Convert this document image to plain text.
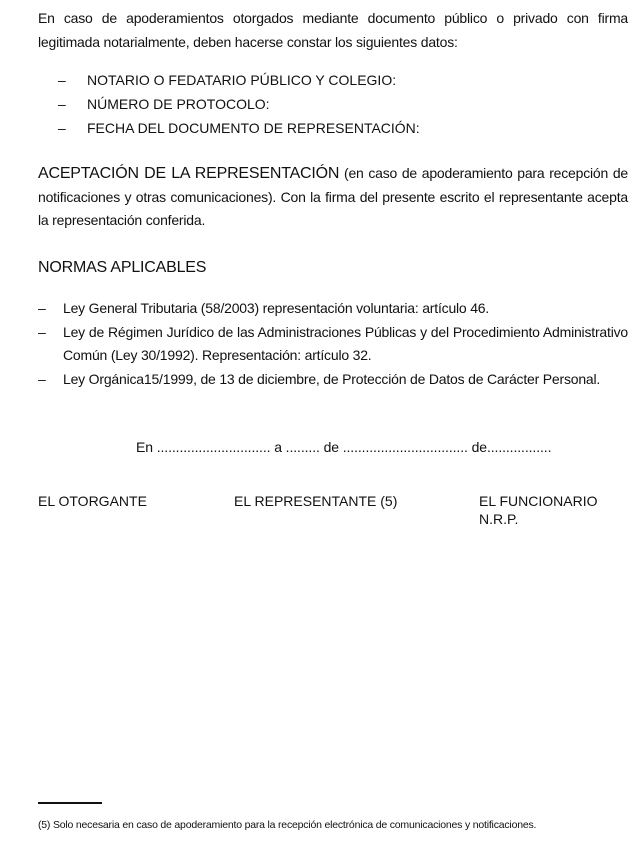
En caso de apoderamientos otorgados mediante documento público o privado con firma legitimada notarialmente, deben hacerse constar los siguientes datos:
– NOTARIO O FEDATARIO PÚBLICO Y COLEGIO:
– NÚMERO DE PROTOCOLO:
– FECHA DEL DOCUMENTO DE REPRESENTACIÓN:
ACEPTACIÓN DE LA REPRESENTACIÓN (en caso de apoderamiento para recepción de notificaciones y otras comunicaciones). Con la firma del presente escrito el representante acepta la representación conferida.
NORMAS APLICABLES
– Ley General Tributaria (58/2003) representación voluntaria: artículo 46.
– Ley de Régimen Jurídico de las Administraciones Públicas y del Procedimiento Administrativo Común (Ley 30/1992). Representación: artículo 32.
– Ley Orgánica15/1999, de 13 de diciembre, de Protección de Datos de Carácter Personal.
En .............................. a ......... de ................................. de.................
EL OTORGANTE	EL REPRESENTANTE (5)	EL FUNCIONARIO
N.R.P.
(5) Solo necesaria en caso de apoderamiento para la recepción electrónica de comunicaciones y notificaciones.
